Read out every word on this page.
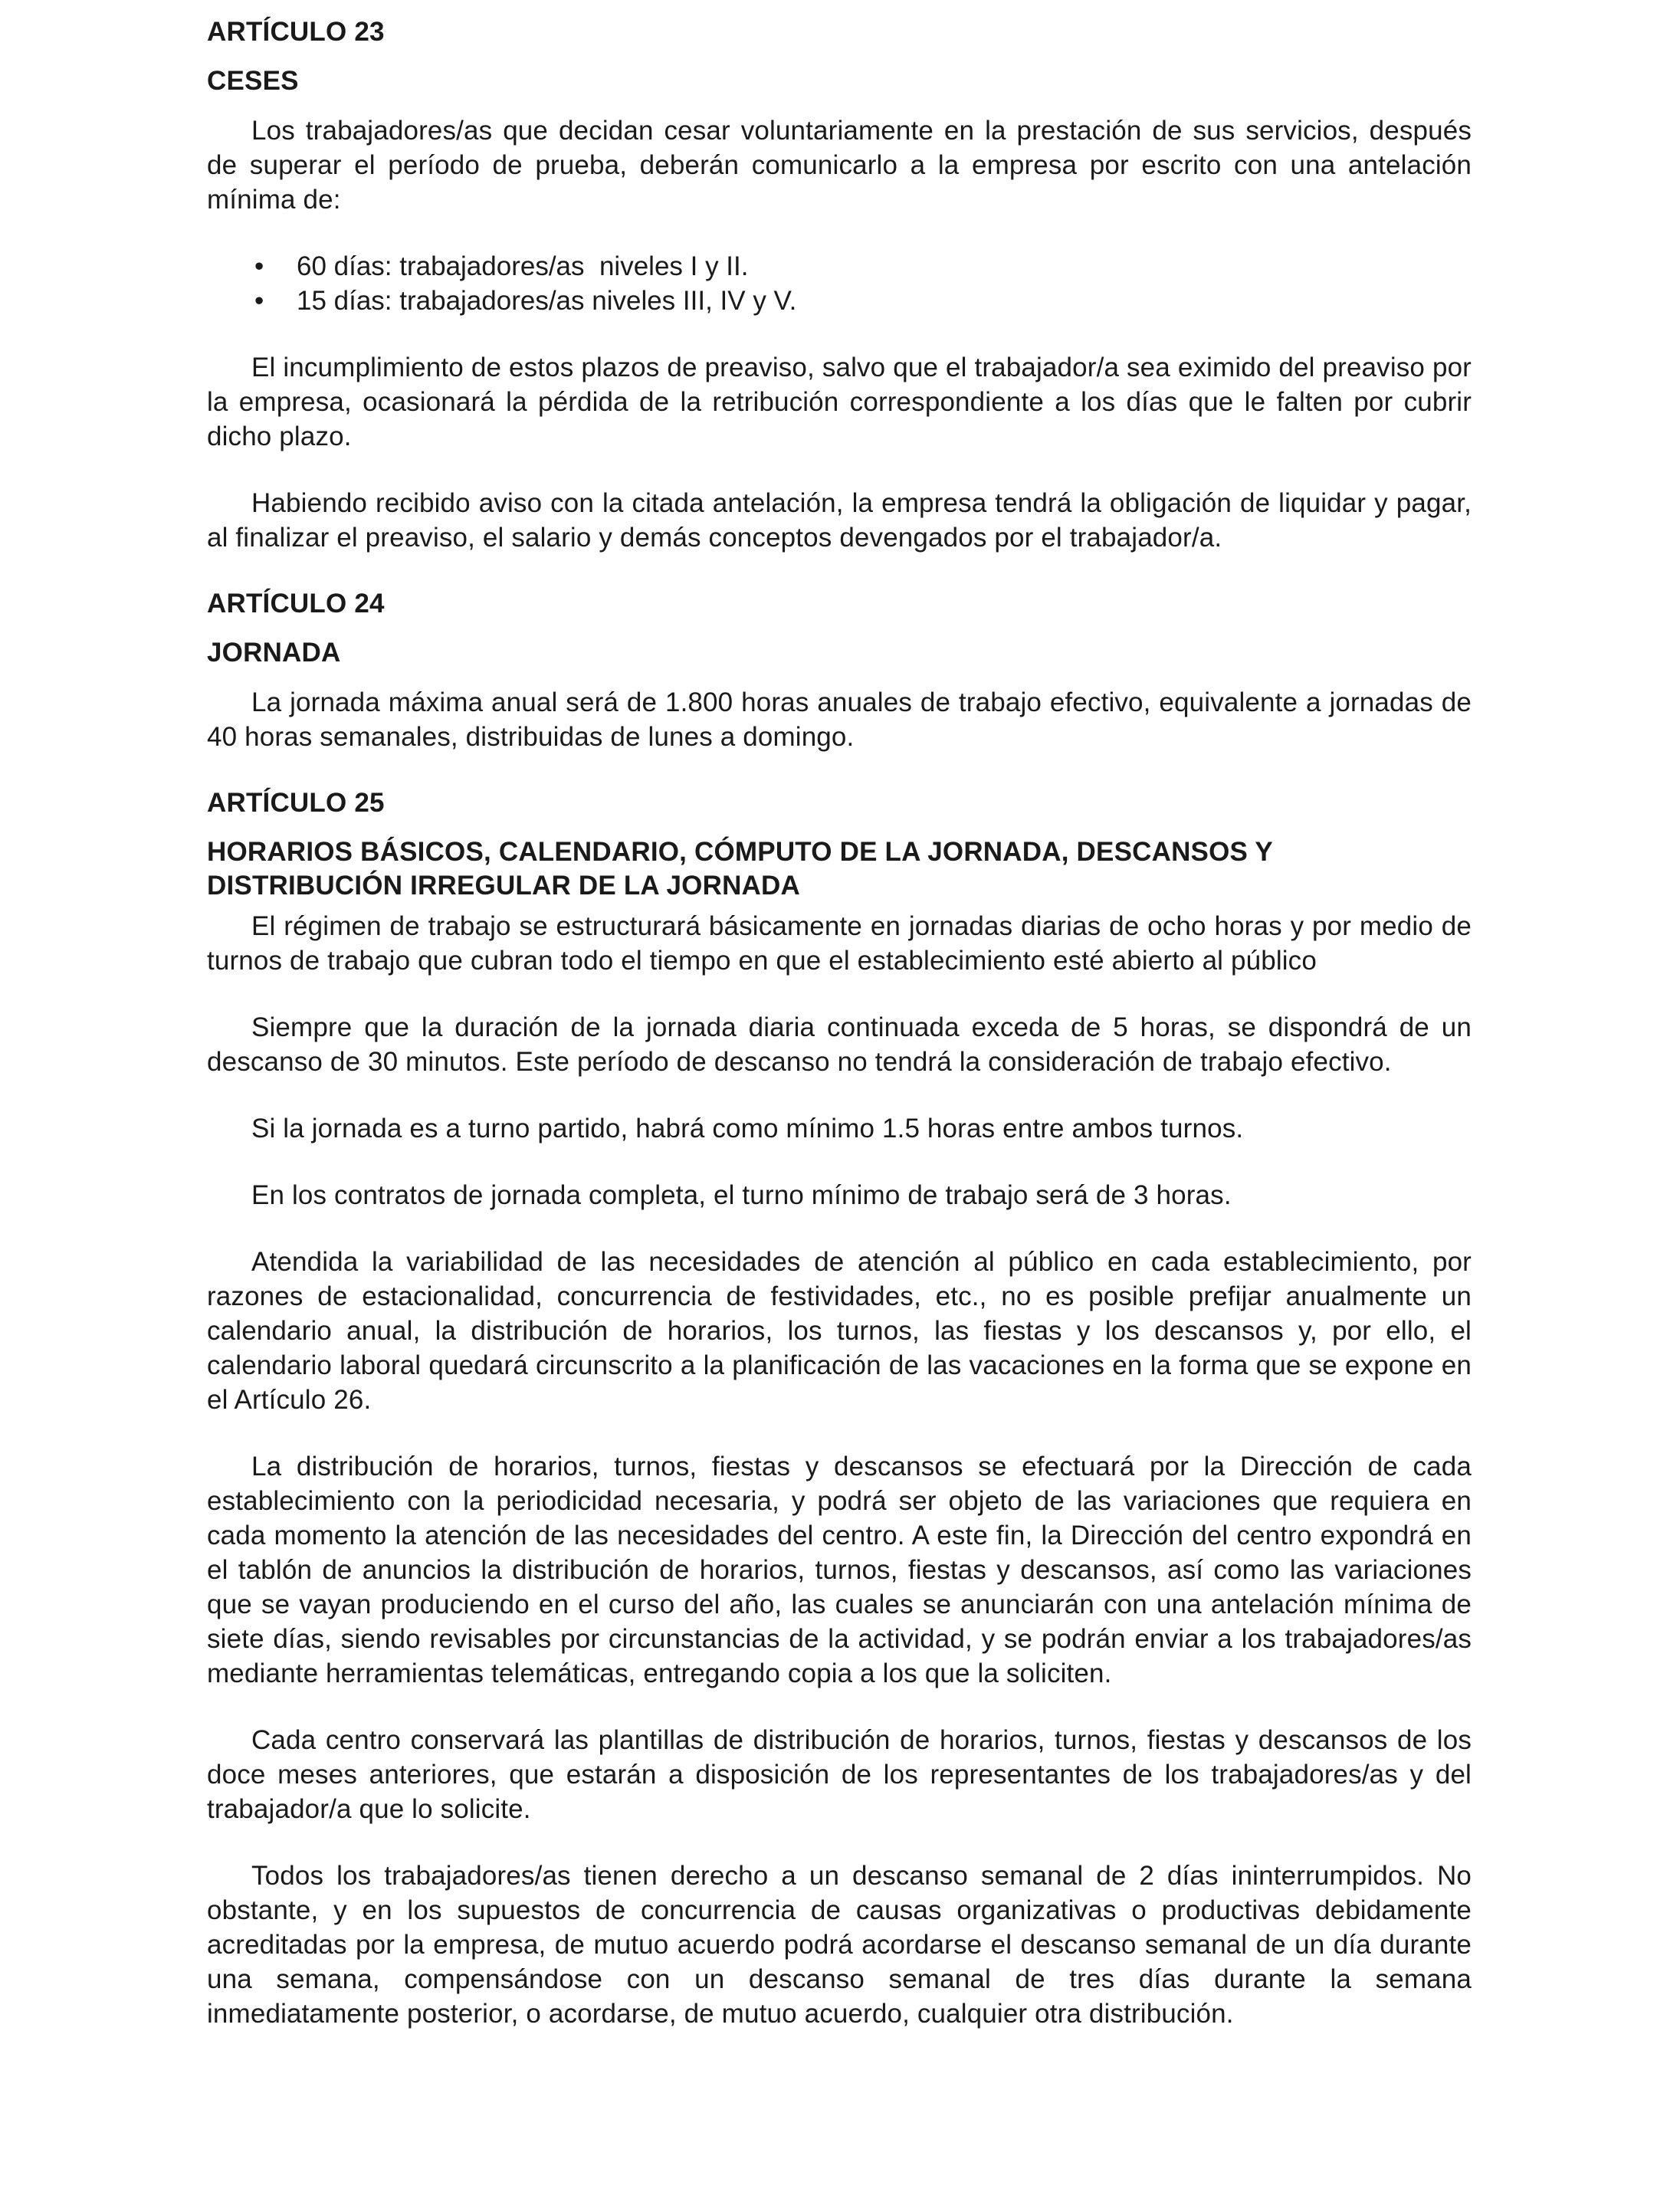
ARTÍCULO 23
CESES

Los trabajadores/as que decidan cesar voluntariamente en la prestación de sus servicios, después de superar el período de prueba, deberán comunicarlo a la empresa por escrito con una antelación mínima de:

• 60 días: trabajadores/as  niveles I y II.
• 15 días: trabajadores/as niveles III, IV y V.

El incumplimiento de estos plazos de preaviso, salvo que el trabajador/a sea eximido del preaviso por la empresa, ocasionará la pérdida de la retribución correspondiente a los días que le falten por cubrir dicho plazo.

Habiendo recibido aviso con la citada antelación, la empresa tendrá la obligación de liquidar y pagar, al finalizar el preaviso, el salario y demás conceptos devengados por el trabajador/a.

ARTÍCULO 24
JORNADA

La jornada máxima anual será de 1.800 horas anuales de trabajo efectivo, equivalente a jornadas de 40 horas semanales, distribuidas de lunes a domingo.

ARTÍCULO 25
HORARIOS BÁSICOS, CALENDARIO, CÓMPUTO DE LA JORNADA, DESCANSOS Y
DISTRIBUCIÓN IRREGULAR DE LA JORNADA

El régimen de trabajo se estructurará básicamente en jornadas diarias de ocho horas y por medio de turnos de trabajo que cubran todo el tiempo en que el establecimiento esté abierto al público

Siempre que la duración de la jornada diaria continuada exceda de 5 horas, se dispondrá de un descanso de 30 minutos. Este período de descanso no tendrá la consideración de trabajo efectivo.

Si la jornada es a turno partido, habrá como mínimo 1.5 horas entre ambos turnos.

En los contratos de jornada completa, el turno mínimo de trabajo será de 3 horas.

Atendida la variabilidad de las necesidades de atención al público en cada establecimiento, por razones de estacionalidad, concurrencia de festividades, etc., no es posible prefijar anualmente un calendario anual, la distribución de horarios, los turnos, las fiestas y los descansos y, por ello, el calendario laboral quedará circunscrito a la planificación de las vacaciones en la forma que se expone en el Artículo 26.

La distribución de horarios, turnos, fiestas y descansos se efectuará por la Dirección de cada establecimiento con la periodicidad necesaria, y podrá ser objeto de las variaciones que requiera en cada momento la atención de las necesidades del centro. A este fin, la Dirección del centro expondrá en el tablón de anuncios la distribución de horarios, turnos, fiestas y descansos, así como las variaciones que se vayan produciendo en el curso del año, las cuales se anunciarán con una antelación mínima de siete días, siendo revisables por circunstancias de la actividad, y se podrán enviar a los trabajadores/as mediante herramientas telemáticas, entregando copia a los que la soliciten.

Cada centro conservará las plantillas de distribución de horarios, turnos, fiestas y descansos de los doce meses anteriores, que estarán a disposición de los representantes de los trabajadores/as y del trabajador/a que lo solicite.

Todos los trabajadores/as tienen derecho a un descanso semanal de 2 días ininterrumpidos. No obstante, y en los supuestos de concurrencia de causas organizativas o productivas debidamente acreditadas por la empresa, de mutuo acuerdo podrá acordarse el descanso semanal de un día durante una semana, compensándose con un descanso semanal de tres días durante la semana inmediatamente posterior, o acordarse, de mutuo acuerdo, cualquier otra distribución.
